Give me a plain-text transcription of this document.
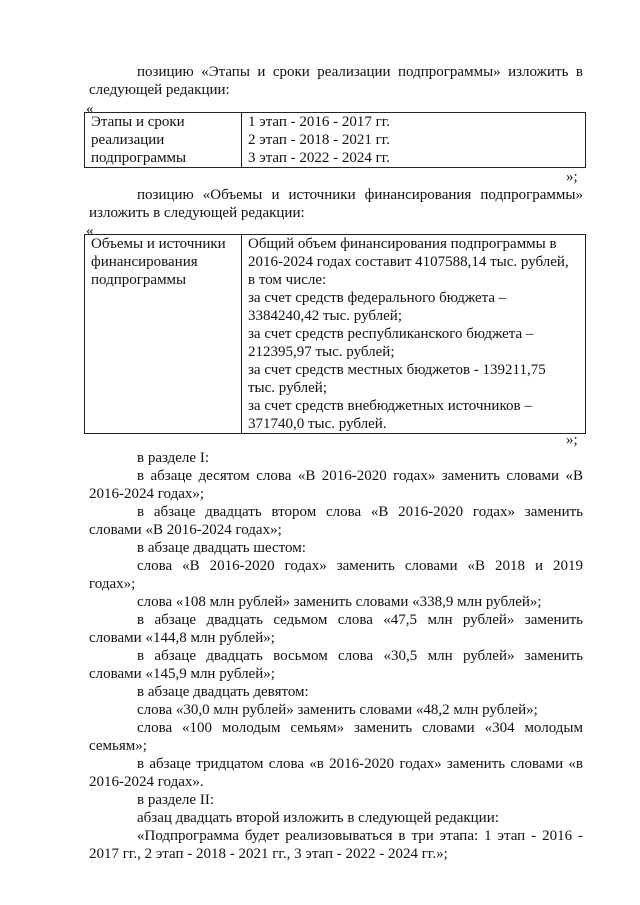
позицию «Этапы и сроки реализации подпрограммы» изложить в
следующей редакции:
«
Этапы и сроки
реализации
подпрограммы

1 этап - 2016 - 2017 гг.
2 этап - 2018 - 2021 гг.
3 этап - 2022 - 2024 гг.
»;
позицию «Объемы и источники финансирования подпрограммы»
изложить в следующей редакции:
«
Объемы и источники
финансирования
подпрограммы

Общий объем финансирования подпрограммы в
2016-2024 годах составит 4107588,14 тыс. рублей,
в том числе:
за счет средств федерального бюджета –
3384240,42 тыс. рублей;
за счет средств республиканского бюджета –
212395,97 тыс. рублей;
за счет средств местных бюджетов - 139211,75
тыс. рублей;
за счет средств внебюджетных источников –
371740,0 тыс. рублей.
»;
в разделе I:
в абзаце десятом слова «В 2016-2020 годах» заменить словами «В
2016-2024 годах»;
в абзаце двадцать втором слова «В 2016-2020 годах» заменить
словами «В 2016-2024 годах»;
в абзаце двадцать шестом:
слова «В 2016-2020 годах» заменить словами «В 2018 и 2019
годах»;
слова «108 млн рублей» заменить словами «338,9 млн рублей»;
в абзаце двадцать седьмом слова «47,5 млн рублей» заменить
словами «144,8 млн рублей»;
в абзаце двадцать восьмом слова «30,5 млн рублей» заменить
словами «145,9 млн рублей»;
в абзаце двадцать девятом:
слова «30,0 млн рублей» заменить словами «48,2 млн рублей»;
слова «100 молодым семьям» заменить словами «304 молодым
семьям»;
в абзаце тридцатом слова «в 2016-2020 годах» заменить словами «в
2016-2024 годах».
в разделе II:
абзац двадцать второй изложить в следующей редакции:
«Подпрограмма будет реализовываться в три этапа: 1 этап - 2016 -
2017 гг., 2 этап - 2018 - 2021 гг., 3 этап - 2022 - 2024 гг.»;
